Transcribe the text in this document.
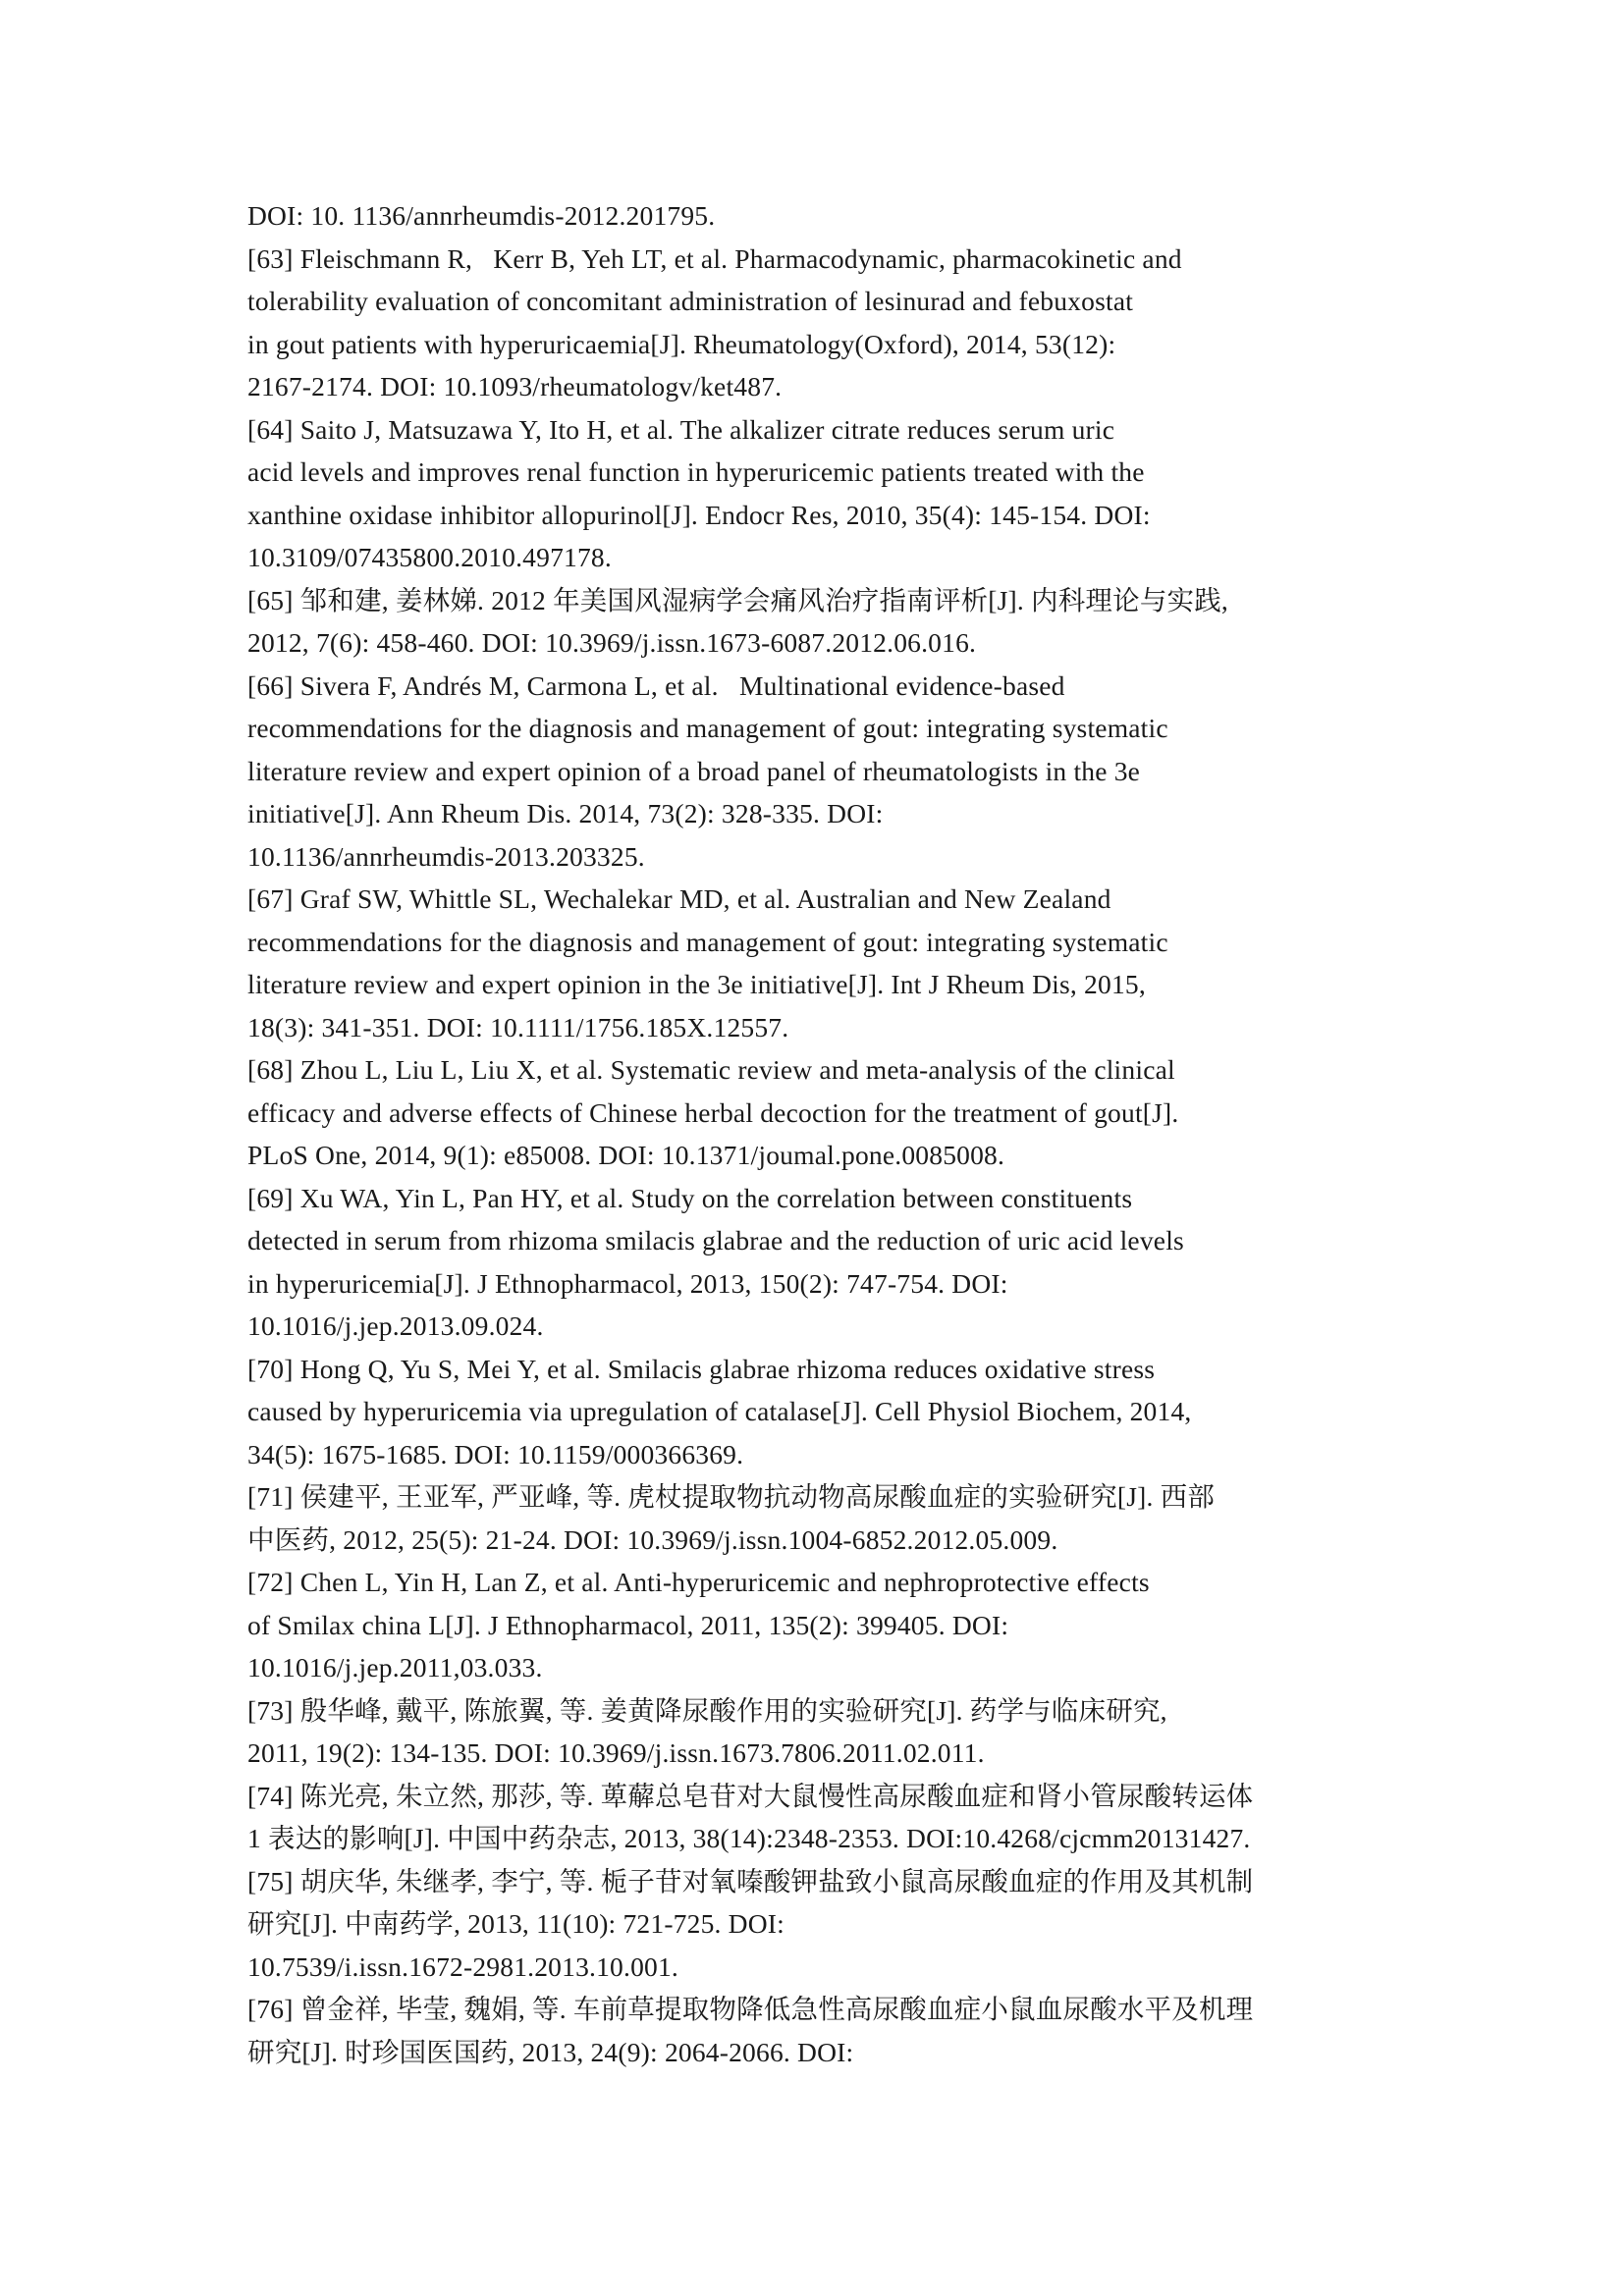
DOI: 10. 1136/annrheumdis-2012.201795.
[63] Fleischmann R,   Kerr B, Yeh LT, et al. Pharmacodynamic, pharmacokinetic and
tolerability evaluation of concomitant administration of lesinurad and febuxostat
in gout patients with hyperuricaemia[J]. Rheumatology(Oxford), 2014, 53(12):
2167-2174. DOI: 10.1093/rheumatologv/ket487.
[64] Saito J, Matsuzawa Y, Ito H, et al. The alkalizer citrate reduces serum uric
acid levels and improves renal function in hyperuricemic patients treated with the
xanthine oxidase inhibitor allopurinol[J]. Endocr Res, 2010, 35(4): 145-154. DOI:
10.3109/07435800.2010.497178.
[65] 邹和建, 姜林娣. 2012 年美国风湿病学会痛风治疗指南评析[J]. 内科理论与实践,
2012, 7(6): 458-460. DOI: 10.3969/j.issn.1673-6087.2012.06.016.
[66] Sivera F, Andrés M, Carmona L, et al.   Multinational evidence-based
recommendations for the diagnosis and management of gout: integrating systematic
literature review and expert opinion of a broad panel of rheumatologists in the 3e
initiative[J]. Ann Rheum Dis. 2014, 73(2): 328-335. DOI:
10.1136/annrheumdis-2013.203325.
[67] Graf SW, Whittle SL, Wechalekar MD, et al. Australian and New Zealand
recommendations for the diagnosis and management of gout: integrating systematic
literature review and expert opinion in the 3e initiative[J]. Int J Rheum Dis, 2015,
18(3): 341-351. DOI: 10.1111/1756.185X.12557.
[68] Zhou L, Liu L, Liu X, et al. Systematic review and meta-analysis of the clinical
efficacy and adverse effects of Chinese herbal decoction for the treatment of gout[J].
PLoS One, 2014, 9(1): e85008. DOI: 10.1371/joumal.pone.0085008.
[69] Xu WA, Yin L, Pan HY, et al. Study on the correlation between constituents
detected in serum from rhizoma smilacis glabrae and the reduction of uric acid levels
in hyperuricemia[J]. J Ethnopharmacol, 2013, 150(2): 747-754. DOI:
10.1016/j.jep.2013.09.024.
[70] Hong Q, Yu S, Mei Y, et al. Smilacis glabrae rhizoma reduces oxidative stress
caused by hyperuricemia via upregulation of catalase[J]. Cell Physiol Biochem, 2014,
34(5): 1675-1685. DOI: 10.1159/000366369.
[71] 侯建平, 王亚军, 严亚峰, 等. 虎杖提取物抗动物高尿酸血症的实验研究[J]. 西部
中医药, 2012, 25(5): 21-24. DOI: 10.3969/j.issn.1004-6852.2012.05.009.
[72] Chen L, Yin H, Lan Z, et al. Anti-hyperuricemic and nephroprotective effects
of Smilax china L[J]. J Ethnopharmacol, 2011, 135(2): 399405. DOI:
10.1016/j.jep.2011,03.033.
[73] 殷华峰, 戴平, 陈旅翼, 等. 姜黄降尿酸作用的实验研究[J]. 药学与临床研究,
2011, 19(2): 134-135. DOI: 10.3969/j.issn.1673.7806.2011.02.011.
[74] 陈光亮, 朱立然, 那莎, 等. 萆薢总皂苷对大鼠慢性高尿酸血症和肾小管尿酸转运体
1 表达的影响[J]. 中国中药杂志, 2013, 38(14):2348-2353. DOI:10.4268/cjcmm20131427.
[75] 胡庆华, 朱继孝, 李宁, 等. 栀子苷对氧嗪酸钾盐致小鼠高尿酸血症的作用及其机制
研究[J]. 中南药学, 2013, 11(10): 721-725. DOI:
10.7539/i.issn.1672-2981.2013.10.001.
[76] 曾金祥, 毕莹, 魏娟, 等. 车前草提取物降低急性高尿酸血症小鼠血尿酸水平及机理
研究[J]. 时珍国医国药, 2013, 24(9): 2064-2066. DOI:
